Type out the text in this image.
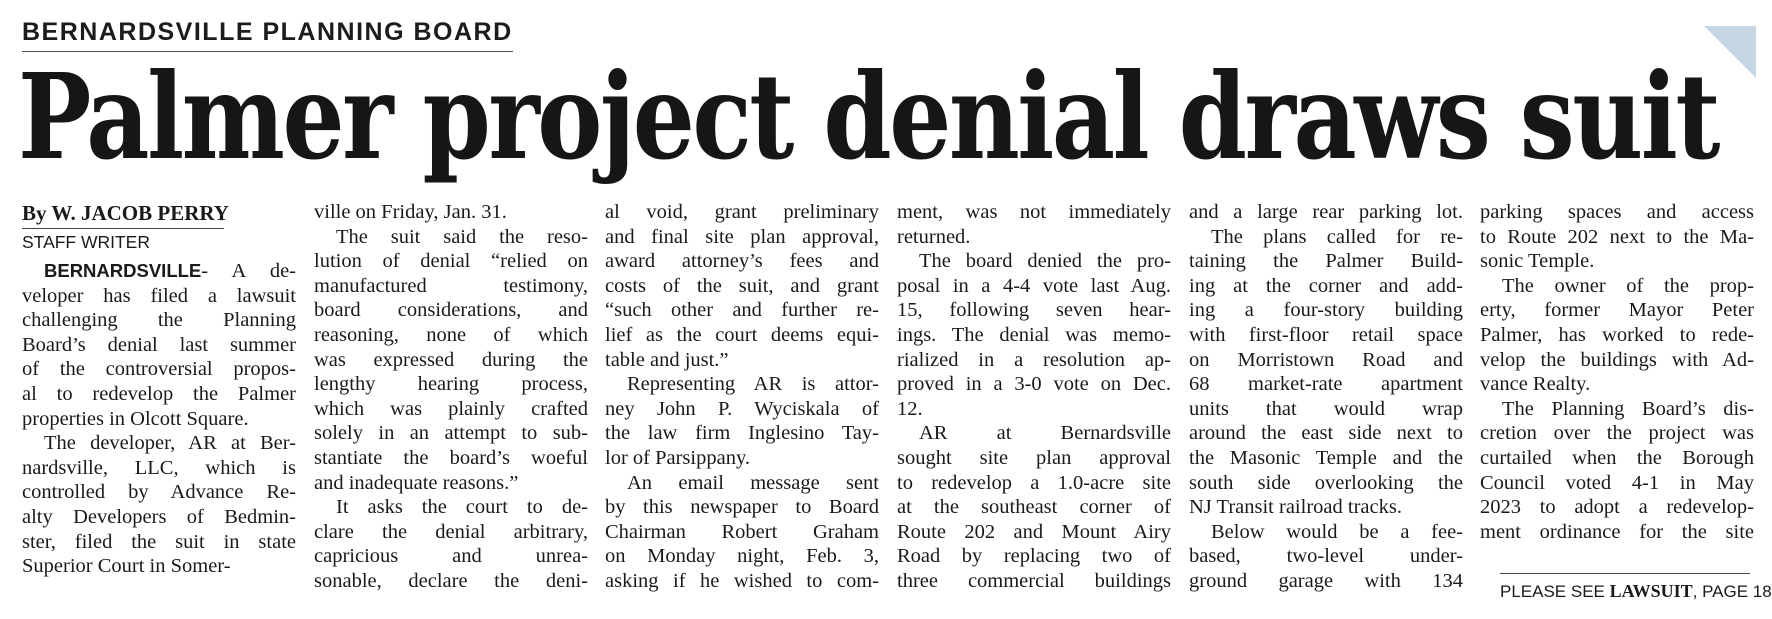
BERNARDSVILLE PLANNING BOARD
Palmer project denial draws suit
By W. JACOB PERRY
STAFF WRITER
BERNARDSVILLE- A de-
veloper has filed a lawsuit
challenging the Planning
Board’s denial last summer
of the controversial propos-
al to redevelop the Palmer
properties in Olcott Square.
The developer, AR at Ber-
nardsville, LLC, which is
controlled by Advance Re-
alty Developers of Bedmin-
ster, filed the suit in state
Superior Court in Somer-
ville on Friday, Jan. 31.
The suit said the reso-
lution of denial “relied on
manufactured testimony,
board considerations, and
reasoning, none of which
was expressed during the
lengthy hearing process,
which was plainly crafted
solely in an attempt to sub-
stantiate the board’s woeful
and inadequate reasons.”
It asks the court to de-
clare the denial arbitrary,
capricious and unrea-
sonable, declare the deni-
al void, grant preliminary
and final site plan approval,
award attorney’s fees and
costs of the suit, and grant
“such other and further re-
lief as the court deems equi-
table and just.”
Representing AR is attor-
ney John P. Wyciskala of
the law firm Inglesino Tay-
lor of Parsippany.
An email message sent
by this newspaper to Board
Chairman Robert Graham
on Monday night, Feb. 3,
asking if he wished to com-
ment, was not immediately
returned.
The board denied the pro-
posal in a 4-4 vote last Aug.
15, following seven hear-
ings. The denial was memo-
rialized in a resolution ap-
proved in a 3-0 vote on Dec.
12.
AR at Bernardsville
sought site plan approval
to redevelop a 1.0-acre site
at the southeast corner of
Route 202 and Mount Airy
Road by replacing two of
three commercial buildings
and a large rear parking lot.
The plans called for re-
taining the Palmer Build-
ing at the corner and add-
ing a four-story building
with first-floor retail space
on Morristown Road and
68 market-rate apartment
units that would wrap
around the east side next to
the Masonic Temple and the
south side overlooking the
NJ Transit railroad tracks.
Below would be a fee-
based, two-level under-
ground garage with 134
parking spaces and access
to Route 202 next to the Ma-
sonic Temple.
The owner of the prop-
erty, former Mayor Peter
Palmer, has worked to rede-
velop the buildings with Ad-
vance Realty.
The Planning Board’s dis-
cretion over the project was
curtailed when the Borough
Council voted 4-1 in May
2023 to adopt a redevelop-
ment ordinance for the site
PLEASE SEE LAWSUIT, PAGE 18
